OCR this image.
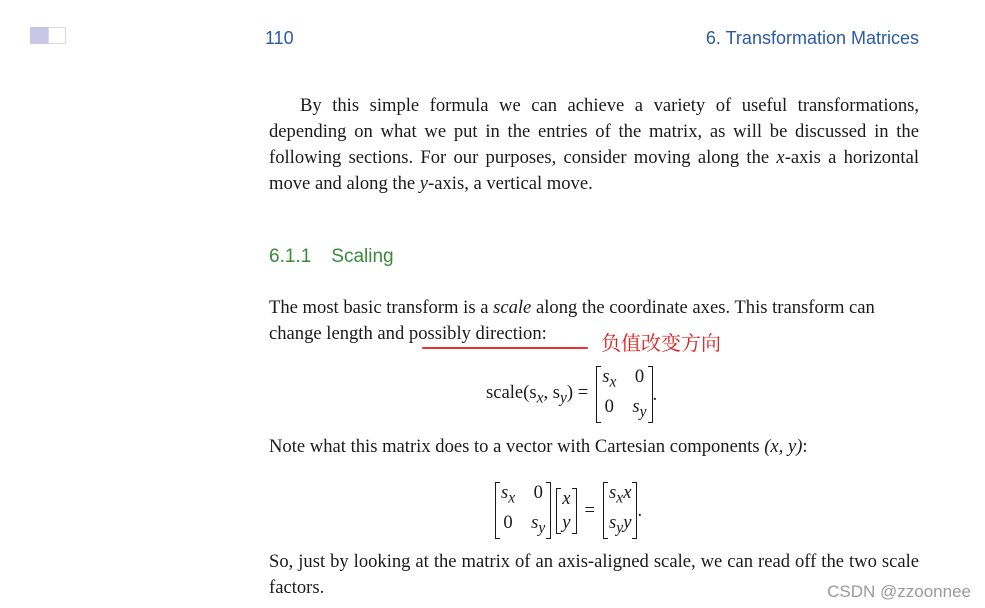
110	6. Transformation Matrices

By this simple formula we can achieve a variety of useful transformations, depending on what we put in the entries of the matrix, as will be discussed in the following sections. For our purposes, consider moving along the x-axis a horizontal move and along the y-axis, a vertical move.

6.1.1 Scaling

The most basic transform is a scale along the coordinate axes. This transform can change length and possibly direction:	负值改变方向
$scale(s_x$, $s_y$) =
$s_x$ 0
0 $s_y$
.

Note what this matrix does to a vector with Cartesian components (x, y):

$s_x$ 0
0 $s_y$
x
y
=
$s_xx$
$s_yy$
.

So, just by looking at the matrix of an axis-aligned scale, we can read off the two scale factors.	CSDN @zzoonnee
